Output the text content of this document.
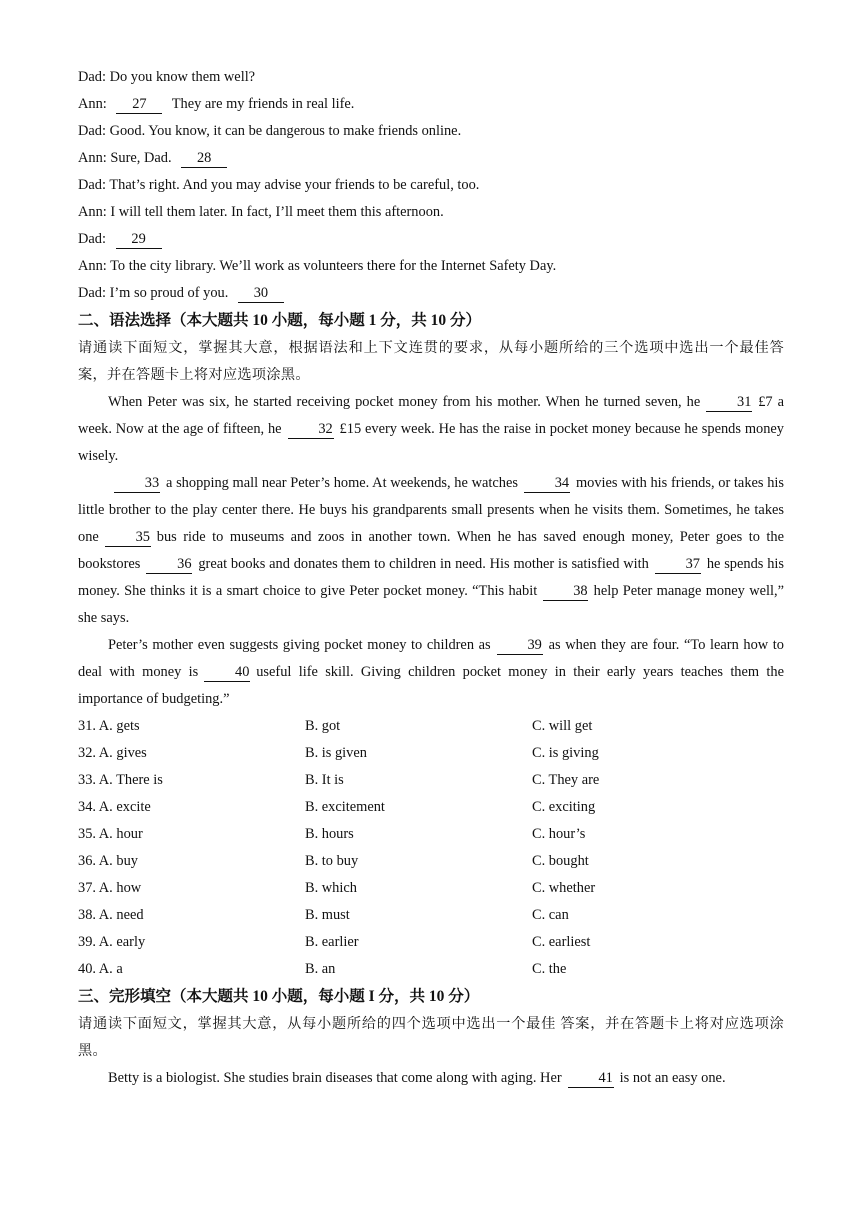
Dad: Do you know them well?
Ann: 27 They are my friends in real life.
Dad: Good. You know, it can be dangerous to make friends online.
Ann: Sure, Dad. 28
Dad: That’s right. And you may advise your friends to be careful, too.
Ann: I will tell them later. In fact, I’ll meet them this afternoon.
Dad: 29
Ann: To the city library. We’ll work as volunteers there for the Internet Safety Day.
Dad: I’m so proud of you. 30
二、语法选择（本大题共 10 小题，每小题 1 分，共 10 分）

请通读下面短文，掌握其大意，根据语法和上下文连贯的要求，从每小题所给的三个选项中选出一个最佳答案，并在答题卡上将对应选项涂黑。

When Peter was six, he started receiving pocket money from his mother. When he turned seven, he	31 £7 a week. Now at the age of fifteen, he	32 £15 every week. He has the raise in pocket money because he spends money wisely.

33 a shopping mall near Peter’s home. At weekends, he watches	34 movies with his friends, or takes his little brother to the play center there. He buys his grandparents small presents when he visits them. Sometimes, he takes one	35 bus ride to museums and zoos in another town. When he has saved enough money, Peter goes to the bookstores	36 great books and donates them to children in need. His mother is satisfied with	37 he spends his money. She thinks it is a smart choice to give Peter pocket money. “This habit	38 help Peter manage money well,” she says.

Peter’s mother even suggests giving pocket money to children as	39 as when they are four. “To learn how to deal with money is	40 useful life skill. Giving children pocket money in their early years teaches them the importance of budgeting.”

31. A. gets	B. got	C. will get
32. A. gives	B. is given	C. is giving
33. A. There is	B. It is	C. They are
34. A. excite	B. excitement	C. exciting
35. A. hour	B. hours	C. hour’s
36. A. buy	B. to buy	C. bought
37. A. how	B. which	C. whether
38. A. need	B. must	C. can
39. A. early	B. earlier	C. earliest
40. A. a	B. an	C. the
三、完形填空（本大题共 10 小题，每小题 I 分，共 10 分）

请通读下面短文，掌握其大意，从每小题所给的四个选项中选出一个最佳 答案，并在答题卡上将对应选项涂黑。

Betty is a biologist. She studies brain diseases that come along with aging. Her	41 is not an easy one.
